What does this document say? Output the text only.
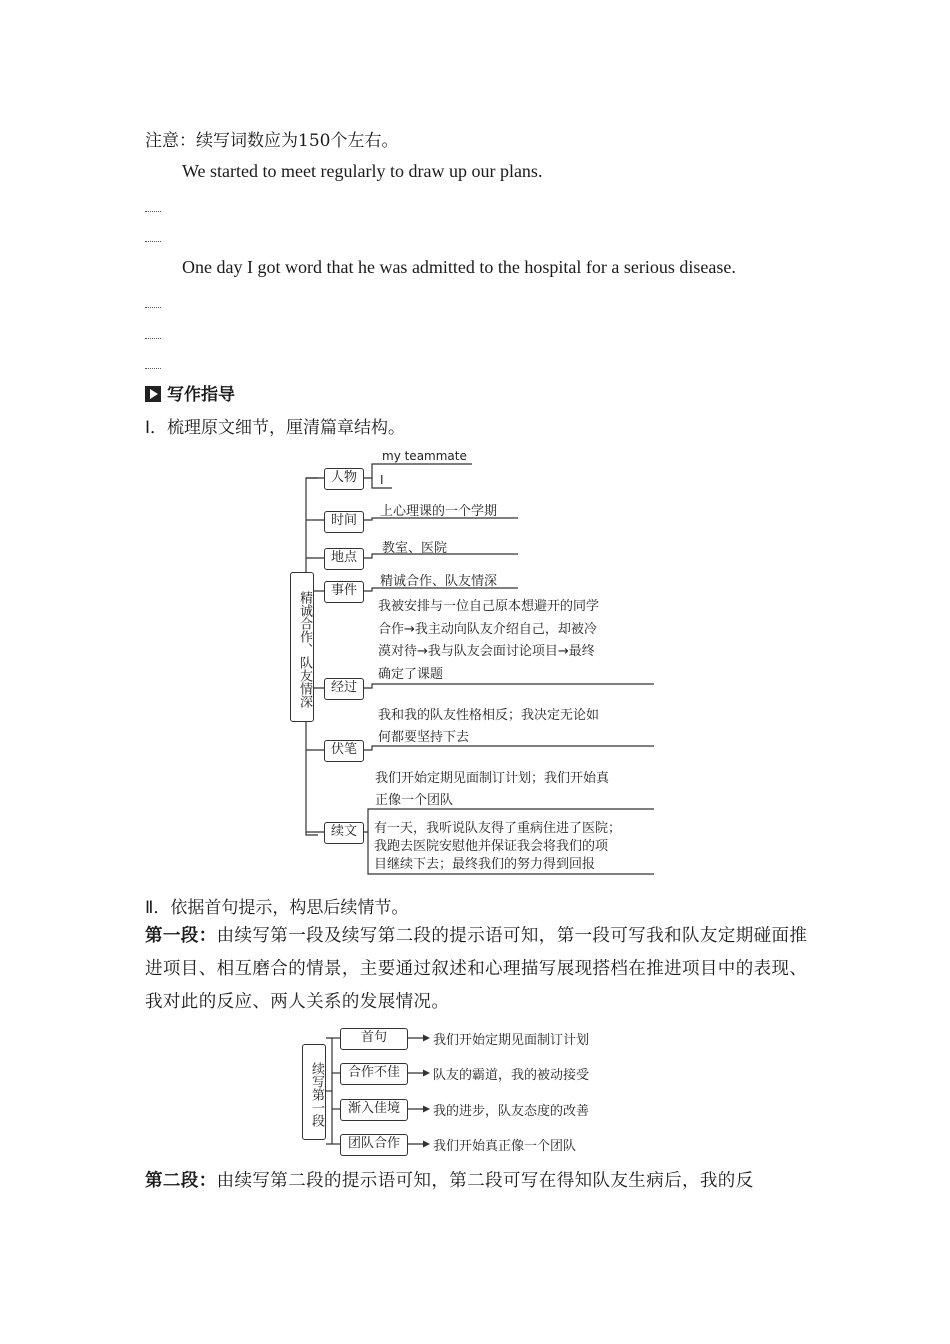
注意：续写词数应为150个左右。
We started to meet regularly to draw up our plans.
One day I got word that he was admitted to the hospital for a serious disease.
写作指导
Ⅰ．梳理原文细节，厘清篇章结构。
精诚合作、队友情深
人物
my teammate
I
时间
上心理课的一个学期
地点
教室、医院
事件
精诚合作、队友情深
经过
我被安排与一位自己原本想避开的同学
合作→我主动向队友介绍自己，却被冷
漠对待→我与队友会面讨论项目→最终
确定了课题
伏笔
我和我的队友性格相反；我决定无论如
何都要坚持下去
续文
我们开始定期见面制订计划；我们开始真
正像一个团队
有一天，我听说队友得了重病住进了医院；
我跑去医院安慰他并保证我会将我们的项
目继续下去；最终我们的努力得到回报
Ⅱ．依据首句提示，构思后续情节。
第一段：由续写第一段及续写第二段的提示语可知，第一段可写我和队友定期碰面推进项目、相互磨合的情景，主要通过叙述和心理描写展现搭档在推进项目中的表现、我对此的反应、两人关系的发展情况。
续写第一段
首句	我们开始定期见面制订计划
合作不佳	队友的霸道，我的被动接受
渐入佳境	我的进步，队友态度的改善
团队合作	我们开始真正像一个团队
第二段：由续写第二段的提示语可知，第二段可写在得知队友生病后，我的反
